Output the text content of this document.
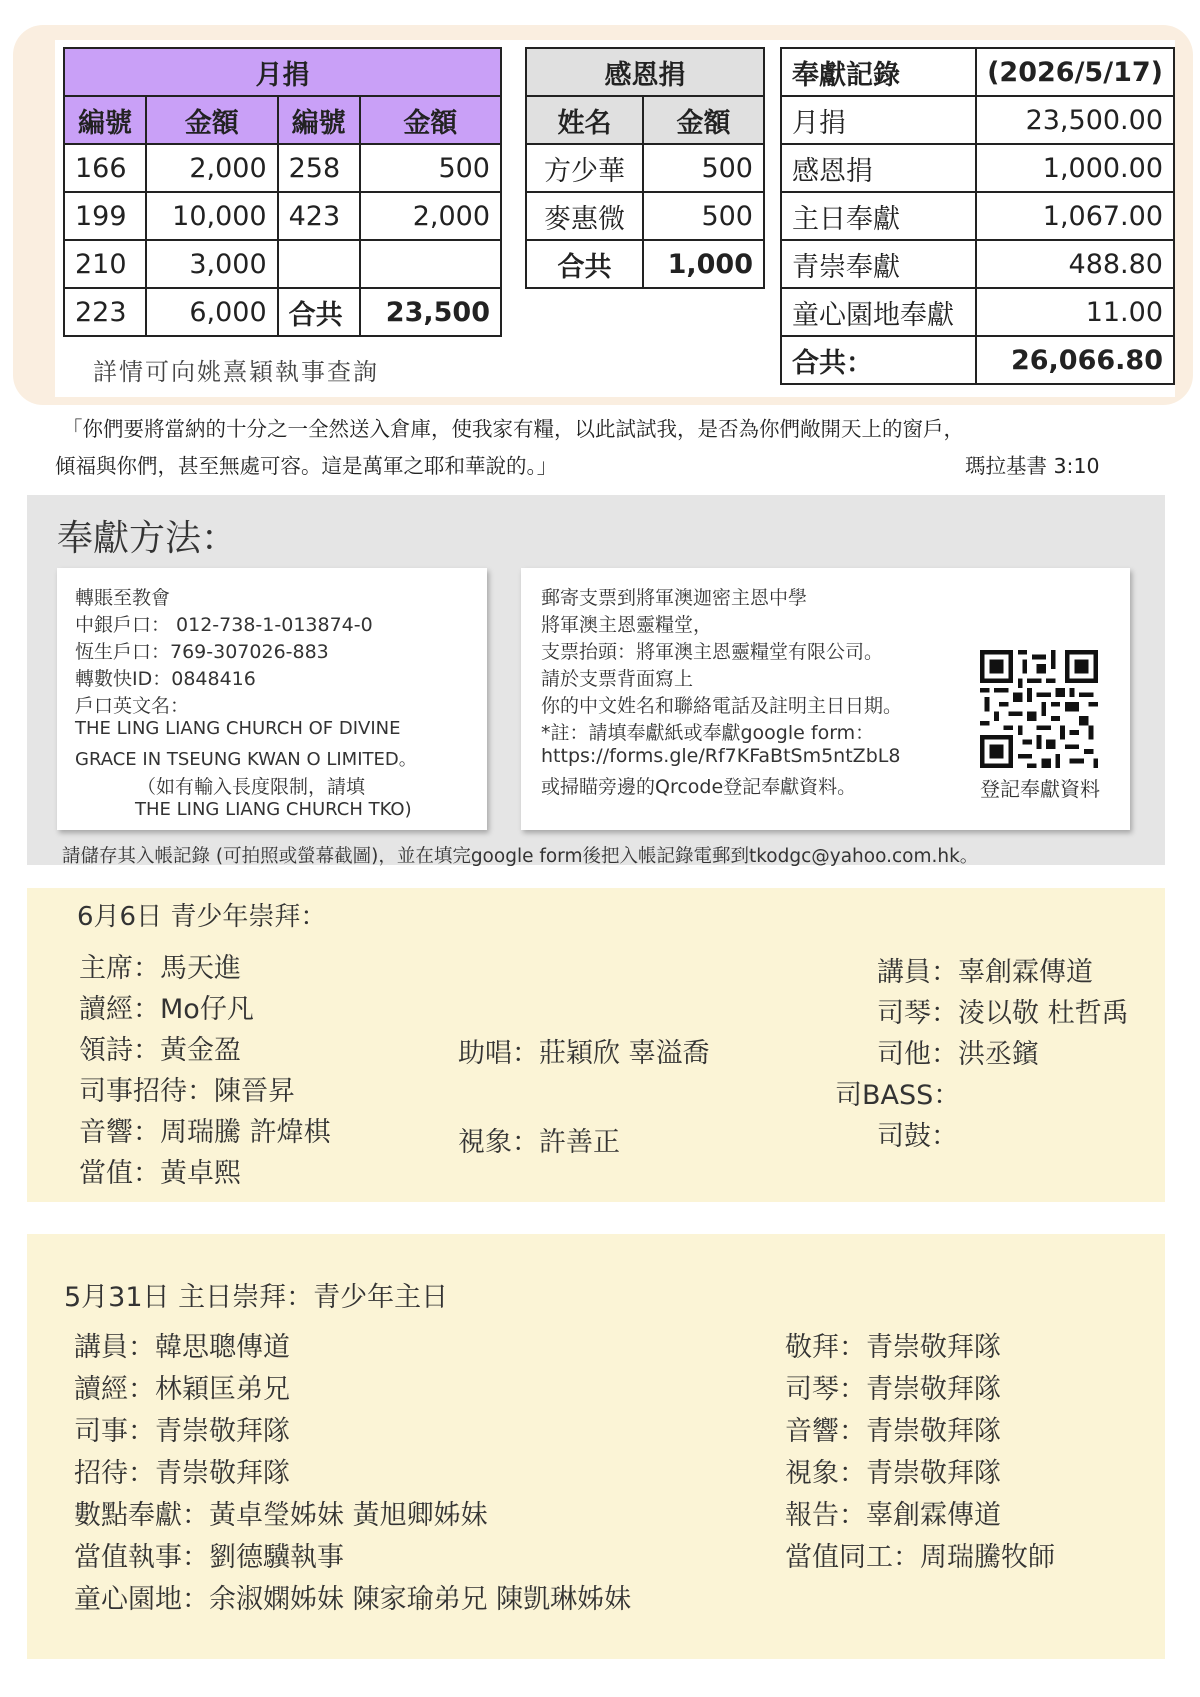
月捐			
編號	金額	編號	金額
166	2,000	258	500
199	10,000	423	2,000
210	3,000		
223	6,000	合共	23,500
詳情可向姚熹穎執事查詢
感恩捐	
姓名	金額
方少華	500
麥惠微	500
合共	1,000
奉獻記錄	(2026/5/17)
月捐	23,500.00
感恩捐	1,000.00
主日奉獻	1,067.00
青崇奉獻	488.80
童心園地奉獻	11.00
合共：	26,066.80
「你們要將當納的十分之一全然送入倉庫，使我家有糧，以此試試我，是否為你們敞開天上的窗戶，
傾福與你們，甚至無處可容。這是萬軍之耶和華說的。」	瑪拉基書 3:10
奉獻方法：
轉賬至教會
中銀戶口： 012-738-1-013874-0
恆生戶口：769-307026-883
轉數快ID：0848416
戶口英文名：
THE LING LIANG CHURCH OF DIVINE
GRACE IN TSEUNG KWAN O LIMITED。
（如有輸入長度限制，請填
THE LING LIANG CHURCH TKO)
郵寄支票到將軍澳迦密主恩中學
將軍澳主恩靈糧堂，
支票抬頭：將軍澳主恩靈糧堂有限公司。
請於支票背面寫上
你的中文姓名和聯絡電話及註明主日日期。
*註：請填奉獻紙或奉獻google form：
https://forms.gle/Rf7KFaBtSm5ntZbL8
或掃瞄旁邊的Qrcode登記奉獻資料。	登記奉獻資料
請儲存其入帳記錄 (可拍照或螢幕截圖)，並在填完google form後把入帳記錄電郵到tkodgc@yahoo.com.hk。
6月6日 青少年崇拜：
主席：馬天進
讀經：Mo仔凡
領詩：黃金盈
司事招待：陳晉昇
音響：周瑞騰 許煒棋
當值：黃卓熙
助唱：莊穎欣 辜溢喬
視象：許善正
講員：辜創霖傳道
司琴：淩以敬 杜哲禹
司他：洪丞鑌
司BASS：
司鼓：
5月31日 主日崇拜：青少年主日
講員：韓思聰傳道
讀經：林穎匡弟兄
司事：青崇敬拜隊
招待：青崇敬拜隊
數點奉獻：黃卓瑩姊妹 黃旭卿姊妹
當值執事：劉德驥執事
童心園地：余淑嫻姊妹 陳家瑜弟兄 陳凱琳姊妹
敬拜：青崇敬拜隊
司琴：青崇敬拜隊
音響：青崇敬拜隊
視象：青崇敬拜隊
報告：辜創霖傳道
當值同工：周瑞騰牧師
